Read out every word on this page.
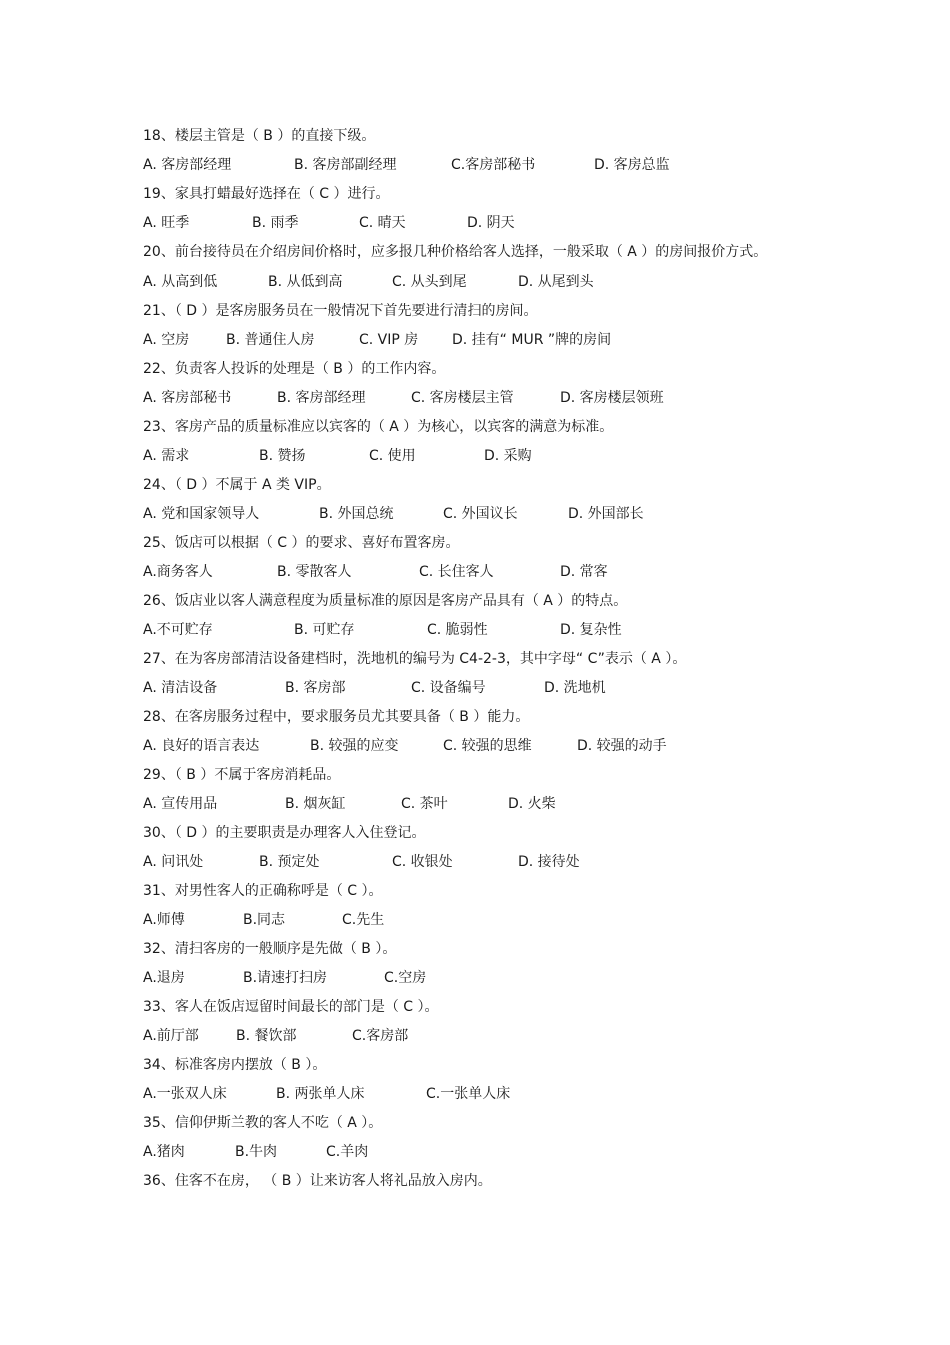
18、楼层主管是（ B ）的直接下级。
A. 客房部经理	B. 客房部副经理	C.客房部秘书	D. 客房总监
19、家具打蜡最好选择在（ C ）进行。
A. 旺季	B. 雨季	C. 晴天	D. 阴天
20、前台接待员在介绍房间价格时，应多报几种价格给客人选择，一般采取（ A ）的房间报价方式。
A. 从高到低	B. 从低到高	C. 从头到尾	D. 从尾到头
21、（ D ）是客房服务员在一般情况下首先要进行清扫的房间。
A. 空房	B. 普通住人房	C. VIP 房	D. 挂有“ MUR ”牌的房间
22、负责客人投诉的处理是（ B ）的工作内容。
A. 客房部秘书	B. 客房部经理	C. 客房楼层主管	D. 客房楼层领班
23、客房产品的质量标准应以宾客的（ A ）为核心，以宾客的满意为标准。
A. 需求	B. 赞扬	C. 使用	D. 采购
24、（ D ）不属于 A 类 VIP。
A. 党和国家领导人	B. 外国总统	C. 外国议长	D. 外国部长
25、饭店可以根据（ C ）的要求、喜好布置客房。
A.商务客人	B. 零散客人	C. 长住客人	D. 常客
26、饭店业以客人满意程度为质量标准的原因是客房产品具有（ A ）的特点。
A.不可贮存	B. 可贮存	C. 脆弱性	D. 复杂性
27、在为客房部清洁设备建档时，洗地机的编号为 C4-2-3，其中字母“ C”表示（ A ）。
A. 清洁设备	B. 客房部	C. 设备编号	D. 洗地机
28、在客房服务过程中，要求服务员尤其要具备（ B ）能力。
A. 良好的语言表达	B. 较强的应变	C. 较强的思维	D. 较强的动手
29、（ B ）不属于客房消耗品。
A. 宣传用品	B. 烟灰缸	C. 茶叶	D. 火柴
30、（ D ）的主要职责是办理客人入住登记。
A. 问讯处	B. 预定处	C. 收银处	D. 接待处
31、对男性客人的正确称呼是（ C ）。
A.师傅	B.同志	C.先生
32、清扫客房的一般顺序是先做（ B ）。
A.退房	B.请速打扫房	C.空房
33、客人在饭店逗留时间最长的部门是（ C ）。
A.前厅部	B. 餐饮部	C.客房部
34、标准客房内摆放（ B ）。
A.一张双人床	B. 两张单人床	C.一张单人床
35、信仰伊斯兰教的客人不吃（ A ）。
A.猪肉	B.牛肉	C.羊肉
36、住客不在房， （ B ）让来访客人将礼品放入房内。
